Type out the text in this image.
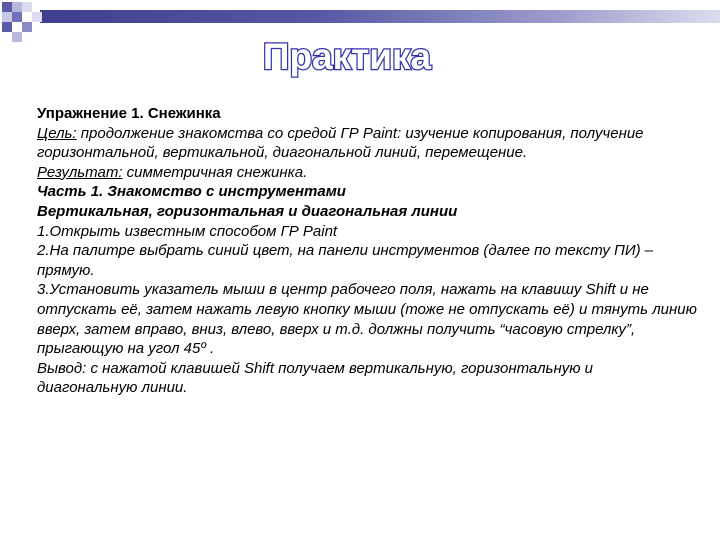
Практика

Упражнение 1. Снежинка

Цель: продолжение знакомства со средой ГР Paint: изучение копирования, получение горизонтальной, вертикальной, диагональной линий, перемещение.

Результат: симметричная снежинка.

Часть 1. Знакомство с инструментами

Вертикальная, горизонтальная и диагональная линии

1.Открыть известным способом ГР Paint

2.На палитре выбрать синий цвет, на панели инструментов (далее по тексту ПИ) – прямую.

3.Установить указатель мыши в центр рабочего поля, нажать на клавишу Shift и не отпускать её, затем нажать левую кнопку мыши (тоже не отпускать её) и тянуть линию вверх, затем вправо, вниз, влево, вверх и т.д. должны получить “часовую стрелку”, прыгающую на угол 45º .

Вывод: с нажатой клавишей Shift получаем вертикальную, горизонтальную и диагональную линии.
